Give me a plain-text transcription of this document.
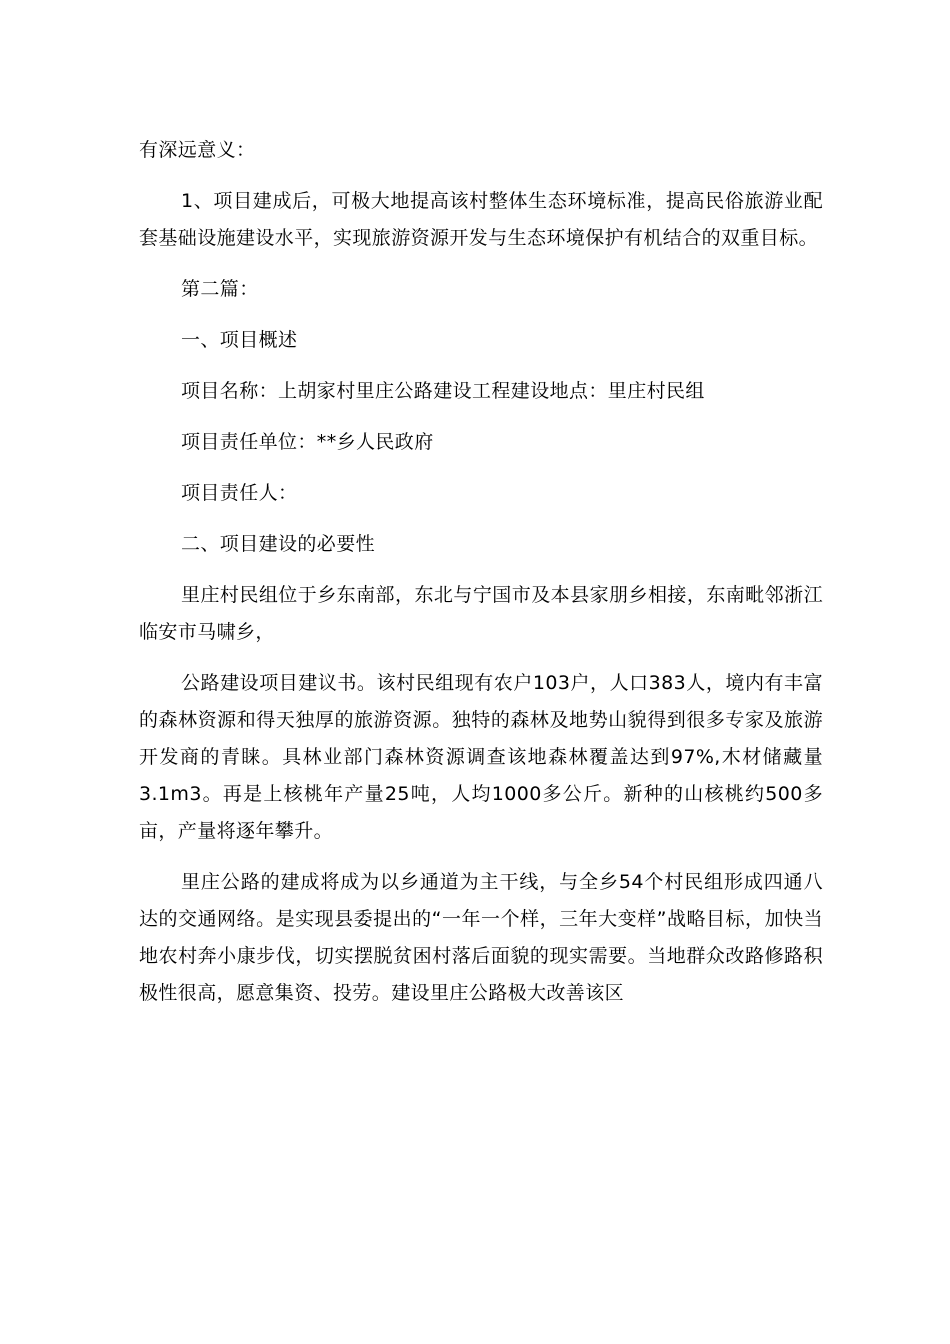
有深远意义：

1、项目建成后，可极大地提高该村整体生态环境标准，提高民俗旅游业配套基础设施建设水平，实现旅游资源开发与生态环境保护有机结合的双重目标。

第二篇：

一、项目概述

项目名称：上胡家村里庄公路建设工程建设地点：里庄村民组

项目责任单位：**乡人民政府

项目责任人：

二、项目建设的必要性

里庄村民组位于乡东南部，东北与宁国市及本县家朋乡相接，东南毗邻浙江临安市马啸乡，

公路建设项目建议书。该村民组现有农户103户，人口383人，境内有丰富的森林资源和得天独厚的旅游资源。独特的森林及地势山貌得到很多专家及旅游开发商的青睐。具林业部门森林资源调查该地森林覆盖达到97%,木材储藏量3.1m3。再是上核桃年产量25吨，人均1000多公斤。新种的山核桃约500多亩，产量将逐年攀升。

里庄公路的建成将成为以乡通道为主干线，与全乡54个村民组形成四通八达的交通网络。是实现县委提出的“一年一个样，三年大变样”战略目标，加快当地农村奔小康步伐，切实摆脱贫困村落后面貌的现实需要。当地群众改路修路积极性很高，愿意集资、投劳。建设里庄公路极大改善该区
